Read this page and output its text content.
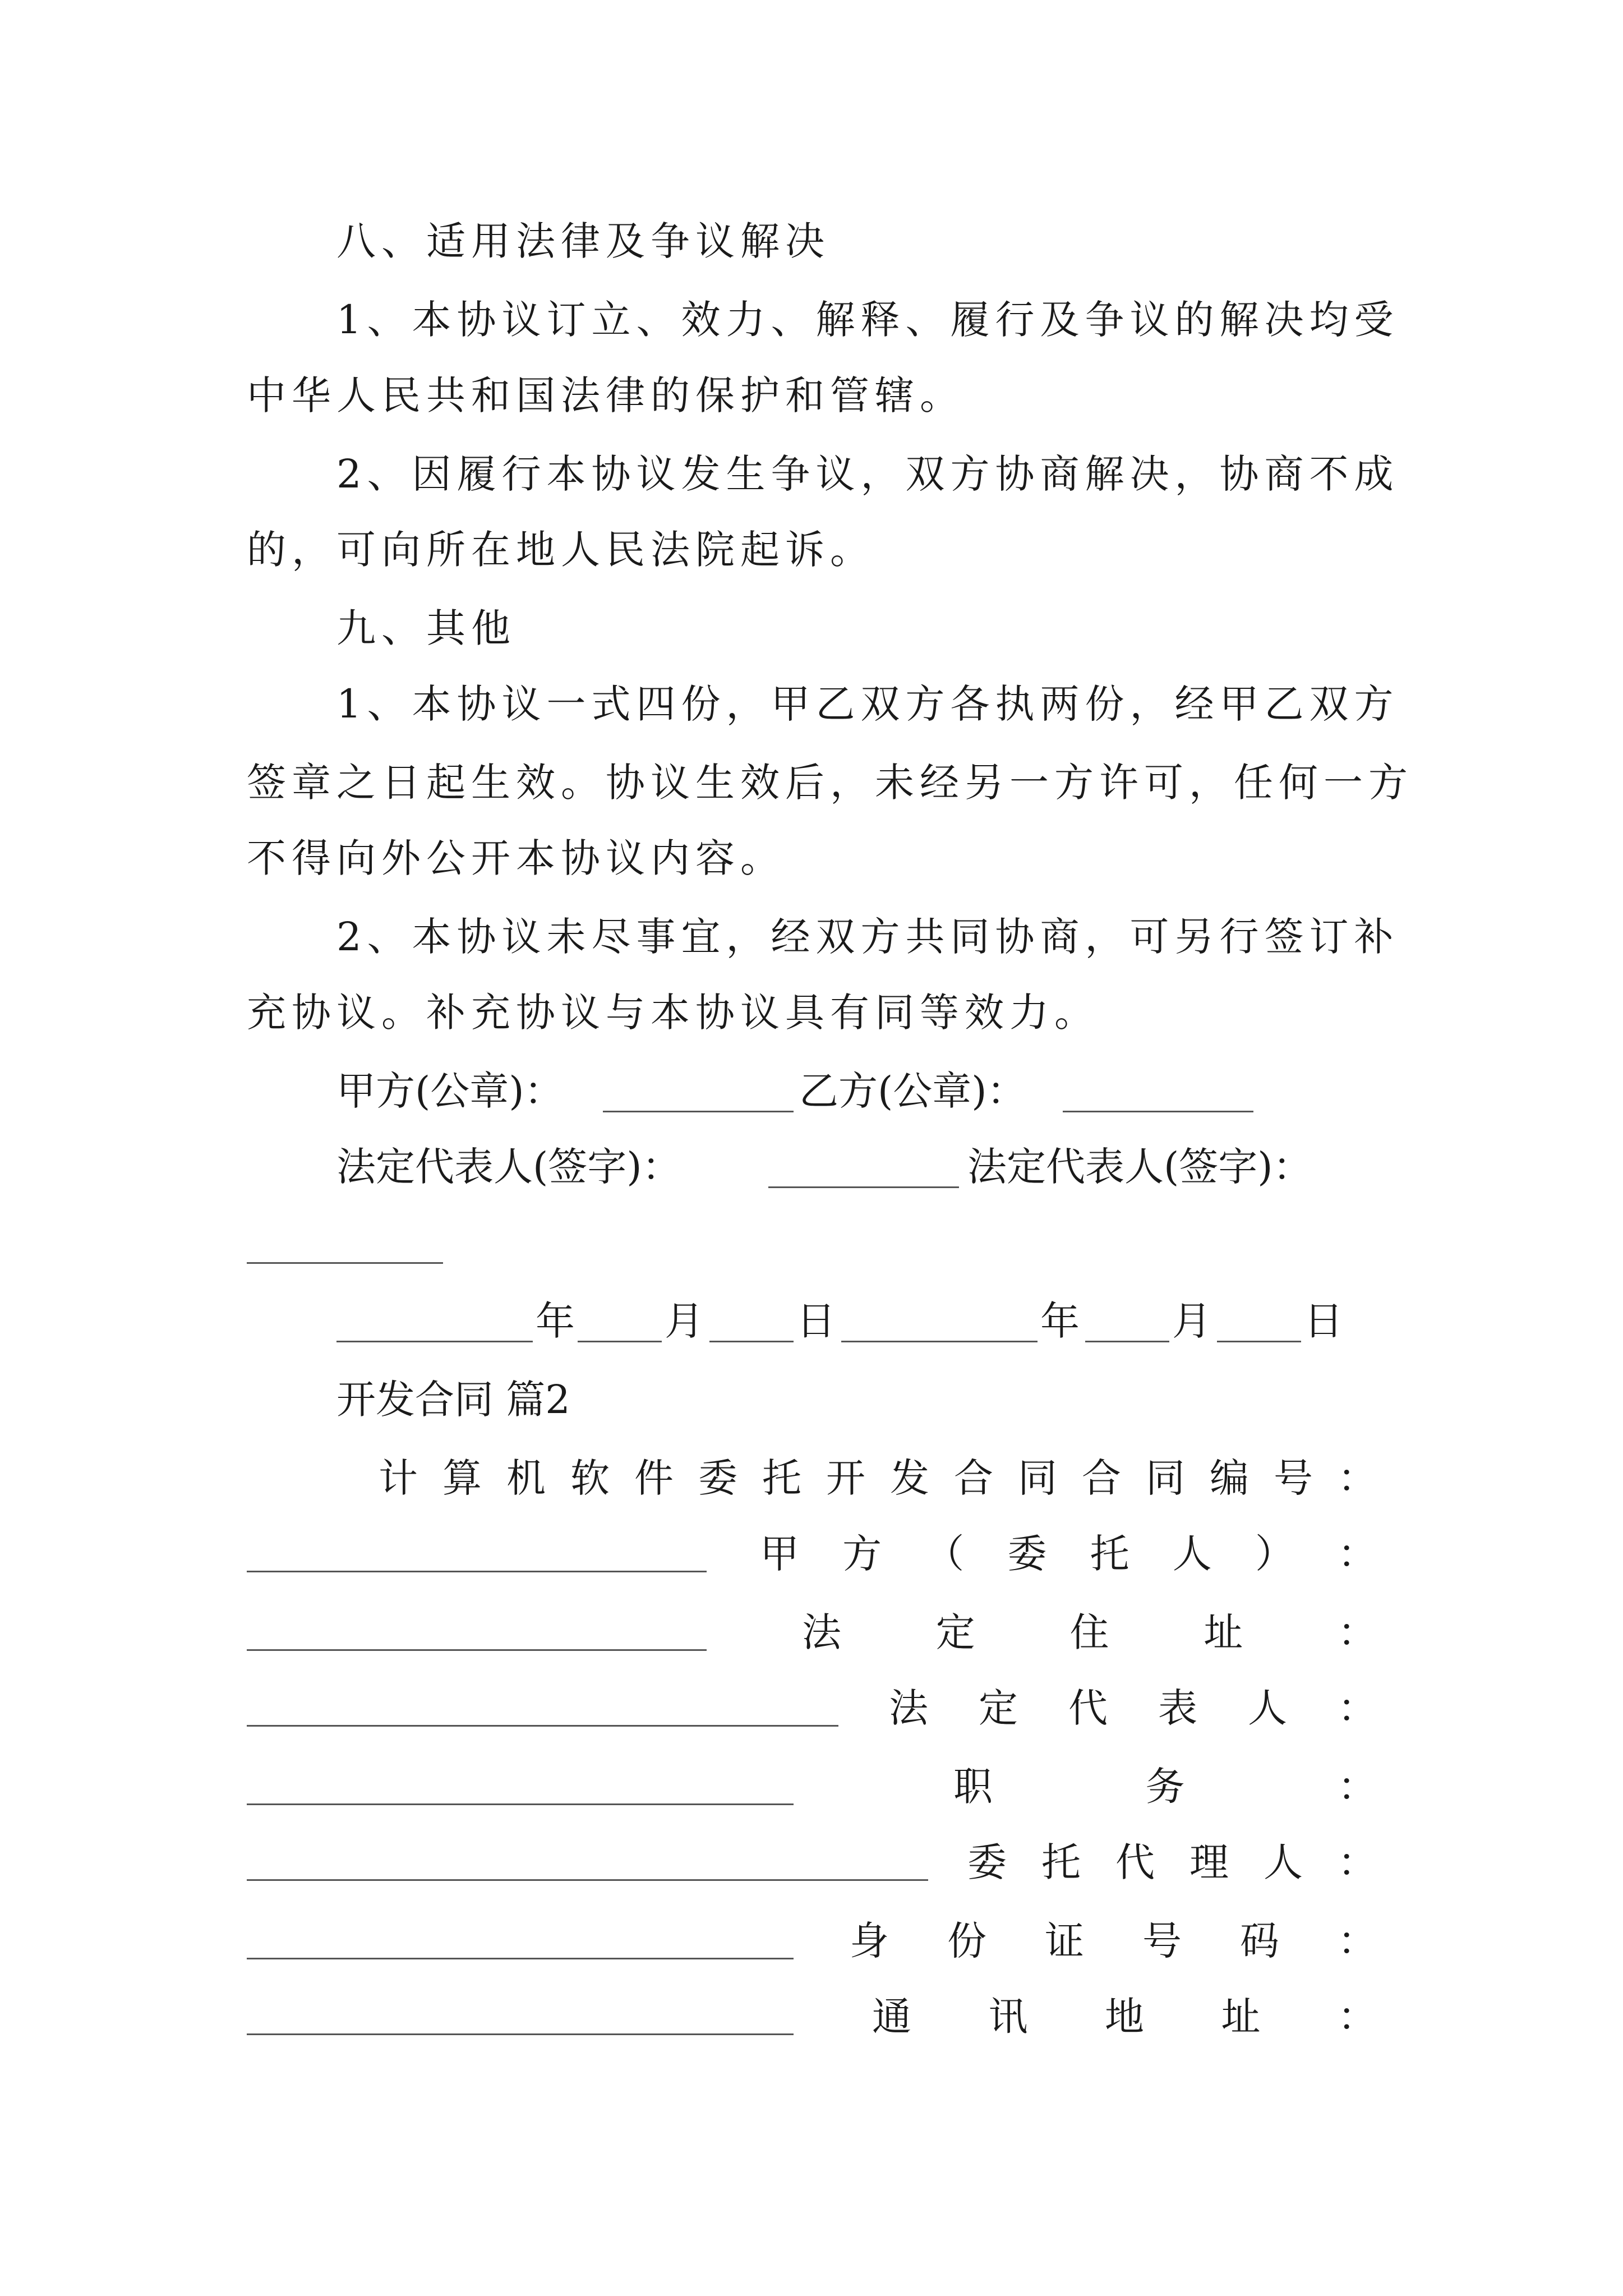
八、适用法律及争议解决
1、本协议订立、效力、解释、履行及争议的解决均受
中华人民共和国法律的保护和管辖。
2、因履行本协议发生争议，双方协商解决，协商不成
的，可向所在地人民法院起诉。
九、其他
1、本协议一式四份，甲乙双方各执两份，经甲乙双方
签章之日起生效。协议生效后，未经另一方许可，任何一方
不得向外公开本协议内容。
2、本协议未尽事宜，经双方共同协商，可另行签订补
充协议。补充协议与本协议具有同等效力。
甲方(公章)：	乙方(公章)：
法定代表人(签字)：	法定代表人(签字)：
年 月 日	年 月 日
开发合同 篇2
计 算 机 软 件 委 托 开 发 合 同 合 同 编 号 ：
甲 方 （ 委 托 人 ） ：
法 定 住 址 ：
法 定 代 表 人 ：
职	务	：
委 托 代 理 人 ：
身 份 证 号 码 ：
通 讯 地 址 ：
